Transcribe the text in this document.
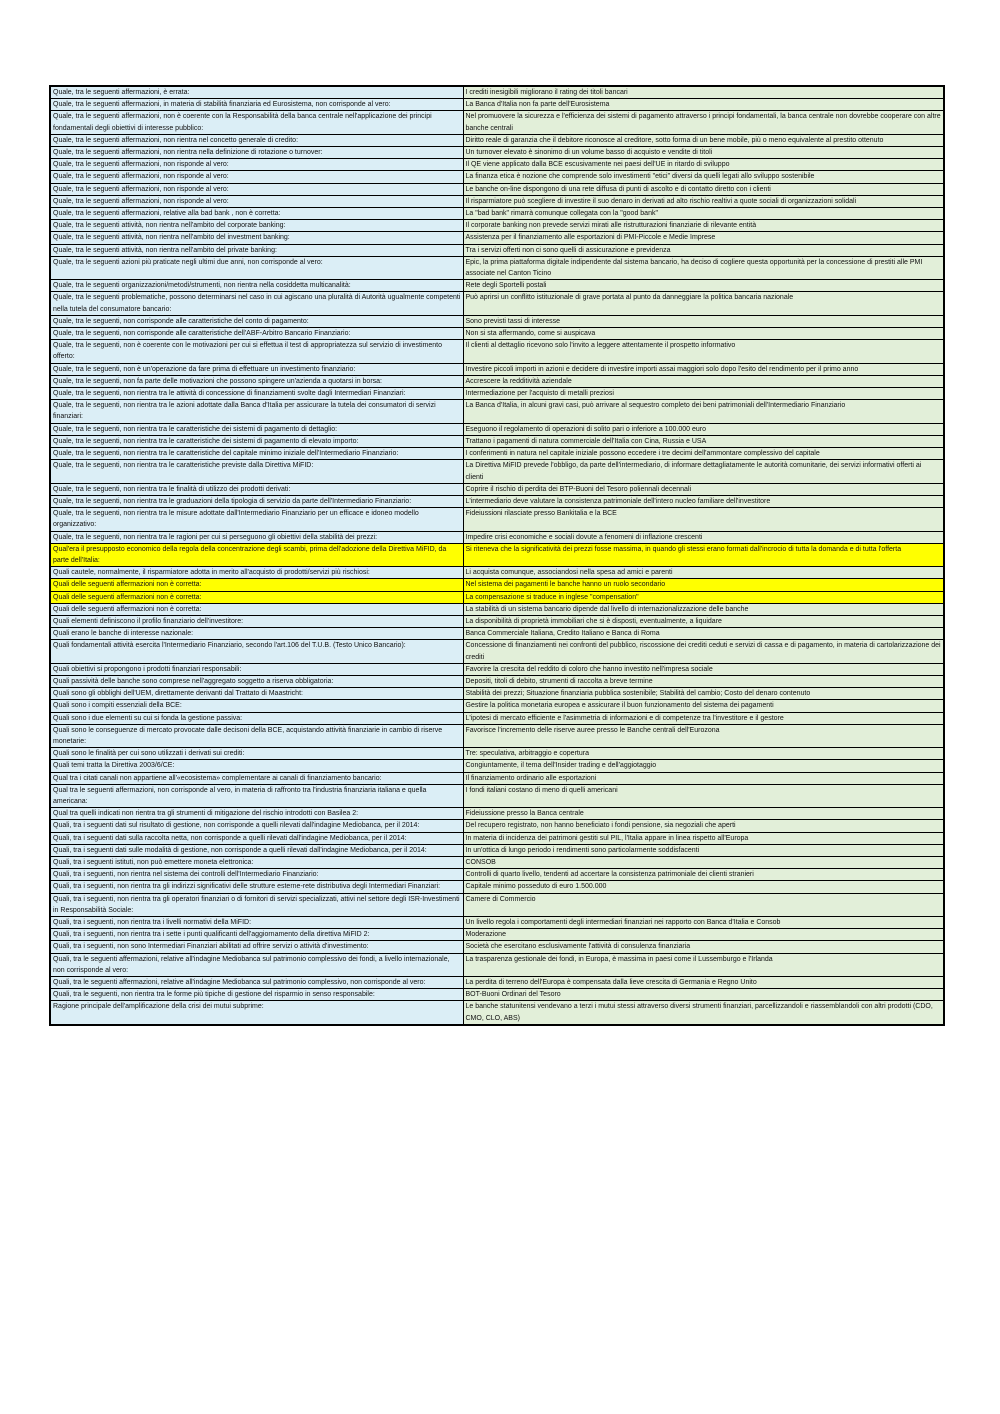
Quale, tra le seguenti affermazioni, è errata:	I crediti inesigibili migliorano il rating dei titoli bancari
Quale, tra le seguenti affermazioni, in materia di stabilità finanziaria ed Eurosistema, non corrisponde al vero:	La Banca d'Italia non fa parte dell'Eurosistema
Quale, tra le seguenti affermazioni, non è coerente con la Responsabilità della banca centrale nell'applicazione dei principi fondamentali degli obiettivi di interesse pubblico:	Nel promuovere la sicurezza e l'efficienza dei sistemi di pagamento attraverso i principi fondamentali, la banca centrale non dovrebbe cooperare con altre banche centrali
Quale, tra le seguenti affermazioni, non rientra nel concetto generale di credito:	Diritto reale di garanzia che il debitore riconosce al creditore, sotto forma di un bene mobile, più o meno equivalente al prestito ottenuto
Quale, tra le seguenti affermazioni, non rientra nella definizione di rotazione o turnover:	Un turnover elevato è sinonimo di un volume basso di acquisto e vendite di titoli
Quale, tra le seguenti affermazioni, non risponde al vero:	Il QE viene applicato dalla BCE escusivamente nei paesi dell'UE in ritardo di sviluppo
Quale, tra le seguenti affermazioni, non risponde al vero:	La finanza etica è nozione che comprende solo investimenti "etici" diversi da quelli legati allo sviluppo sostenibile
Quale, tra le seguenti affermazioni, non risponde al vero:	Le banche on-line dispongono di una rete diffusa di punti di ascolto e di contatto diretto con i clienti
Quale, tra le seguenti affermazioni, non risponde al vero:	Il risparmiatore può scegliere di investire il suo denaro in derivati ad alto rischio realtivi a quote sociali di organizzazioni solidali
Quale, tra le seguenti affermazioni, relative alla bad bank , non è corretta:	La "bad bank" rimarrà comunque collegata con la "good bank"
Quale, tra le seguenti attività, non rientra nell'ambito del corporate banking:	Il corporate banking non prevede servizi mirati alle ristrutturazioni finanziarie di rilevante entità
Quale, tra le seguenti attività, non rientra nell'ambito del investment banking:	Assistenza per il finanziamento alle esportazioni di PMI-Piccole e Medie Imprese
Quale, tra le seguenti attività, non rientra nell'ambito del private banking:	Tra i servizi offerti non ci sono quelli di assicurazione e previdenza
Quale, tra le seguenti azioni più praticate negli ultimi due anni, non corrisponde al vero:	Epic, la prima piattaforma digitale indipendente dal sistema bancario, ha deciso di cogliere questa opportunità per la concessione di prestiti alle PMI associate nel Canton Ticino
Quale, tra le seguenti organizzazioni/metodi/strumenti, non rientra nella cosiddetta multicanalità:	Rete degli Sportelli postali
Quale, tra le seguenti problematiche, possono determinarsi nel caso in cui agiscano una pluralità di Autorità ugualmente competenti nella tutela del consumatore bancario:	Può aprirsi un conflitto istituzionale di grave portata al punto da danneggiare la politica bancaria nazionale
Quale, tra le seguenti, non corrisponde alle caratteristiche del conto di pagamento:	Sono previsti tassi di interesse
Quale, tra le seguenti, non corrisponde alle caratteristiche dell'ABF-Arbitro Bancario Finanziario:	Non si sta affermando, come si auspicava
Quale, tra le seguenti, non è coerente con le motivazioni per cui si effettua il test di appropriatezza sul servizio di investimento offerto:	Il clienti al dettaglio ricevono solo l'invito a leggere attentamente il prospetto informativo
Quale, tra le seguenti, non è un'operazione da fare prima di effettuare un investimento finanziario:	Investire piccoli importi in azioni e decidere di investire importi assai maggiori solo dopo l'esito del rendimento per il primo anno
Quale, tra le seguenti, non fa parte delle motivazioni che possono spingere un'azienda a quotarsi in borsa:	Accrescere la redditività aziendale
Quale, tra le seguenti, non rientra tra le attività di concessione di finanziamenti svolte dagli Intermediari Finanziari:	Intermediazione per l'acquisto di metalli preziosi
Quale, tra le seguenti, non rientra tra le azioni adottate dalla Banca d'Italia per assicurare la tutela dei consumatori di servizi finanziari:	La Banca d'Italia, in alcuni gravi casi, può arrivare al sequestro completo dei beni patrimoniali dell'Intermediario Finanziario
Quale, tra le seguenti, non rientra tra le caratteristiche dei sistemi di pagamento di dettaglio:	Eseguono il regolamento di operazioni di solito pari o inferiore a 100.000 euro
Quale, tra le seguenti, non rientra tra le caratteristiche dei sistemi di pagamento di elevato importo:	Trattano i pagamenti di natura commerciale dell'Italia con Cina, Russia e USA
Quale, tra le seguenti, non rientra tra le caratteristiche del capitale minimo iniziale dell'Intermediario Finanziario:	I conferimenti in natura nel capitale iniziale possono eccedere i tre decimi dell'ammontare complessivo del capitale
Quale, tra le seguenti, non rientra tra le caratteristiche previste dalla Direttiva MiFID:	La Direttiva MiFID prevede l'obbligo, da parte dell'intermediario, di informare dettagliatamente le autorità comunitarie, dei servizi informativi offerti ai clienti
Quale, tra le seguenti, non rientra tra le finalità di utilizzo dei prodotti derivati:	Coprire il rischio di perdita dei BTP-Buoni del Tesoro poliennali decennali
Quale, tra le seguenti, non rientra tra le graduazioni della tipologia di servizio da parte dell'Intermediario Finanziario:	L'intermediario deve valutare la consistenza patrimoniale dell'intero nucleo familiare dell'investitore
Quale, tra le seguenti, non rientra tra le misure adottate dall'Intermediario Finanziario per un efficace e idoneo modello organizzativo:	Fideiussioni rilasciate presso Bankitalia e la BCE
Quale, tra le seguenti, non rientra tra le ragioni per cui si perseguono gli obiettivi della stabilità dei prezzi:	Impedire crisi economiche e sociali dovute a fenomeni di inflazione crescenti
Qual'era il presupposto economico della regola della concentrazione degli scambi, prima dell'adozione della Direttiva MiFID, da parte dell'Italia:	Si riteneva che la significatività dei prezzi fosse massima, in quando gli stessi erano formati dall'incrocio di tutta la domanda e di tutta l'offerta
Quali cautele, normalmente, il risparmiatore adotta in merito all'acquisto di prodotti/servizi più rischiosi:	Li acquista comunque, associandosi nella spesa ad amici e parenti
Quali delle seguenti affermazioni non è corretta:	Nel sistema dei pagamenti le banche hanno un ruolo secondario
Quali delle seguenti affermazioni non è corretta:	La compensazione si traduce in inglese "compensation"
Quali delle seguenti affermazioni non è corretta:	La stabilità di un sistema bancario dipende dal livello di internazionalizzazione delle banche
Quali elementi definiscono il profilo finanziario dell'investitore:	La disponibilità di proprietà immobiliari che si è disposti, eventualmente, a liquidare
Quali erano le banche di interesse nazionale:	Banca Commerciale Italiana, Credito Italiano e Banca di Roma
Quali fondamentali attività esercita l'Intermediario Finanziario, secondo l'art.106 del T.U.B. (Testo Unico Bancario):	Concessione di finanziamenti nei confronti del pubblico, riscossione dei crediti ceduti e servizi di cassa e di pagamento, in materia di cartolarizzazione dei crediti
Quali obiettivi si propongono i prodotti finanziari responsabili:	Favorire la crescita del reddito di coloro che hanno investito nell'impresa sociale
Quali passività delle banche sono comprese nell'aggregato soggetto a riserva obbligatoria:	Depositi, titoli di debito, strumenti di raccolta a breve termine
Quali sono gli obblighi dell'UEM, direttamente derivanti dal Trattato di Maastricht:	Stabilità dei prezzi; Situazione finanziaria pubblica sostenibile; Stabilità del cambio; Costo del denaro contenuto
Quali sono i compiti essenziali della BCE:	Gestire la politica monetaria europea e assicurare il buon funzionamento del sistema dei pagamenti
Quali sono i due elementi su cui si fonda la gestione passiva:	L'ipotesi di mercato efficiente e l'asimmetria di informazioni e di competenze tra l'investitore e il gestore
Quali sono le conseguenze di mercato provocate dalle decisoni della BCE, acquistando attività finanziarie in cambio di riserve monetarie:	Favorisce l'incremento delle riserve auree presso le Banche centrali dell'Eurozona
Quali sono le finalità per cui sono utilizzati i derivati sui crediti:	Tre: speculativa, arbitraggio e copertura
Quali temi tratta la Direttiva 2003/6/CE:	Congiuntamente, il tema dell'Insider trading e dell'aggiotaggio
Qual tra i citati canali non appartiene all'«ecosistema» complementare ai canali di finanziamento bancario:	Il finanziamento ordinario alle esportazioni
Qual tra le seguenti affermazioni, non corrisponde al vero, in materia di raffronto tra l'industria finanziaria italiana e quella americana:	I fondi italiani costano di meno di quelli americani
Qual tra quelli indicati non rientra tra gli strumenti di mitigazione del rischio introdotti con Basilea 2:	Fideiussione presso la Banca centrale
Quali, tra i seguenti dati sul risultato di gestione, non corrisponde a quelli rilevati dall'indagine Mediobanca, per il 2014:	Del recupero registrato, non hanno beneficiato i fondi pensione, sia negoziali che aperti
Quali, tra i seguenti dati sulla raccolta netta, non corrisponde a quelli rilevati dall'indagine Mediobanca, per il 2014:	In materia di incidenza dei patrimoni gestiti sul PIL, l'Italia appare in linea rispetto all'Europa
Quali, tra i seguenti dati sulle modalità di gestione, non corrisponde a quelli rilevati dall'indagine Mediobanca, per il 2014:	In un'ottica di lungo periodo i rendimenti sono particolarmente soddisfacenti
Quali, tra i seguenti istituti, non può emettere moneta elettronica:	CONSOB
Quali, tra i seguenti, non rientra nel sistema dei controlli dell'Intermediario Finanziario:	Controlli di quarto livello, tendenti ad accertare la consistenza patrimoniale dei clienti stranieri
Quali, tra i seguenti, non rientra tra gli indirizzi significativi delle strutture esterne-rete distributiva degli Intermediari Finanziari:	Capitale minimo posseduto di euro 1.500.000
Quali, tra i seguenti, non rientra tra gli operatori finanziari o di fornitori di servizi specializzati, attivi nel settore degli ISR-Investimenti in Responsabilità Sociale:	Camere di Commercio
Quali, tra i seguenti, non rientra tra i livelli normativi della MiFID:	Un livello regola i comportamenti degli intermediari finanziari nei rapporto con Banca d'Italia e Consob
Quali, tra i seguenti, non rientra tra i sette i punti qualificanti dell'aggiornamento della direttiva MiFID 2:	Moderazione
Quali, tra i seguenti, non sono Intermediari Finanziari abilitati ad offrire servizi o attività d'investimento:	Società che esercitano esclusivamente l'attività di consulenza finanziaria
Quali, tra le seguenti affermazioni, relative all'indagine Mediobanca sul patrimonio complessivo dei fondi, a livello internazionale, non corrisponde al vero:	La trasparenza gestionale dei fondi, in Europa, è massima in paesi come il Lussemburgo e l'Irlanda
Quali, tra le seguenti affermazioni, relative all'indagine Mediobanca sul patrimonio complessivo, non corrisponde al vero:	La perdita di terreno dell'Europa è compensata dalla lieve crescita di Germania e Regno Unito
Quali, tra le seguenti, non rientra tra le forme più tipiche di gestione del risparmio in senso responsabile:	BOT-Buoni Ordinari del Tesoro
Ragione principale dell'amplificazione della crisi dei mutui subprime:	Le banche statunitensi vendevano a terzi i mutui stessi attraverso diversi strumenti finanziari, parcellizzandoli e riassemblandoli con altri prodotti (CDO, CMO, CLO, ABS)
